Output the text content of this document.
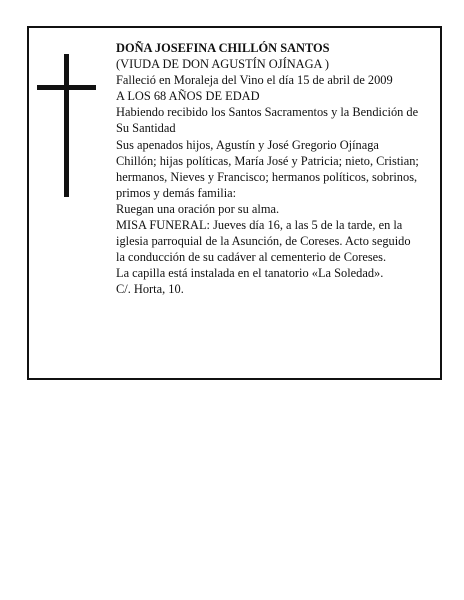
DOÑA JOSEFINA CHILLÓN SANTOS

(VIUDA DE DON AGUSTÍN OJÍNAGA )

Falleció en Moraleja del Vino el día 15 de abril de 2009

A LOS 68 AÑOS DE EDAD

Habiendo recibido los Santos Sacramentos y la Bendición de Su Santidad

Sus apenados hijos, Agustín y José Gregorio Ojínaga Chillón; hijas políticas, María José y Patricia; nieto, Cristian; hermanos, Nieves y Francisco; hermanos políticos, sobrinos, primos y demás familia:

Ruegan una oración por su alma.

MISA FUNERAL: Jueves día 16, a las 5 de la tarde, en la iglesia parroquial de la Asunción, de Coreses. Acto seguido la conducción de su cadáver al cementerio de Coreses.

La capilla está instalada en el tanatorio «La Soledad».

C/. Horta, 10.
